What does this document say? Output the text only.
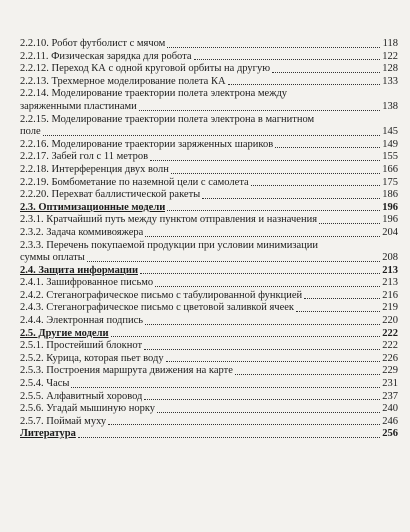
2.2.10. Робот футболист с мячом	118
2.2.11. Физическая зарядка для робота	122
2.2.12. Переход КА с одной круговой орбиты на другую	128
2.2.13. Трехмерное моделирование полета КА	133
2.2.14. Моделирование траектории полета электрона между
заряженными пластинами	138
2.2.15. Моделирование траектории полета электрона в магнитном
поле	145
2.2.16. Моделирование траектории заряженных шариков	149
2.2.17. Забей гол с 11 метров	155
2.2.18. Интерференция двух волн	166
2.2.19. Бомбометание по наземной цели с самолета	175
2.2.20. Перехват баллистической ракеты	186
2.3. Оптимизационные модели	196
2.3.1. Кратчайший путь между пунктом отправления и назначения	196
2.3.2. Задача коммивояжера	204
2.3.3. Перечень покупаемой продукции при условии минимизации
суммы оплаты	208
2.4. Защита информации	213
2.4.1. Зашифрованное письмо	213
2.4.2. Стеганографическое письмо с табулированной функцией	216
2.4.3. Стеганографическое письмо с цветовой заливкой ячеек	219
2.4.4. Электронная подпись	220
2.5. Другие модели	222
2.5.1. Простейший блокнот	222
2.5.2. Курица, которая пьет воду	226
2.5.3. Построения маршрута движения на карте	229
2.5.4. Часы	231
2.5.5. Алфавитный хоровод	237
2.5.6. Угадай мышиную норку	240
2.5.7. Поймай муху	246
Литература	256
